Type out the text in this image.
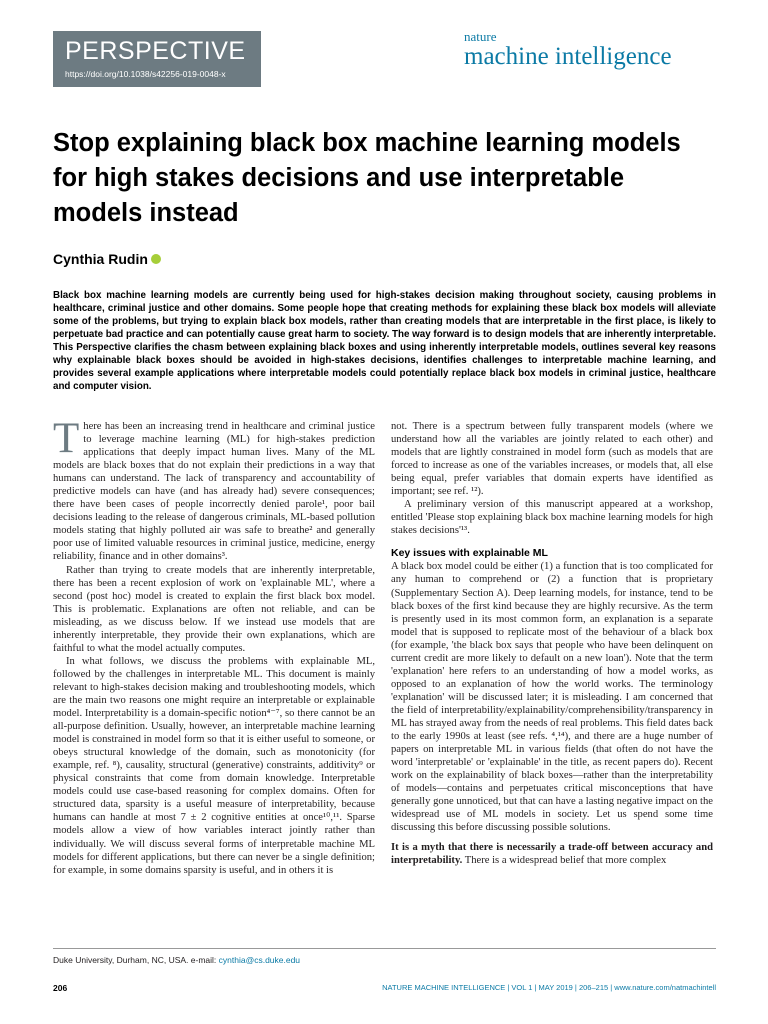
PERSPECTIVE
https://doi.org/10.1038/s42256-019-0048-x
nature
machine intelligence
Stop explaining black box machine learning models for high stakes decisions and use interpretable models instead
Cynthia Rudin
Black box machine learning models are currently being used for high-stakes decision making throughout society, causing problems in healthcare, criminal justice and other domains. Some people hope that creating methods for explaining these black box models will alleviate some of the problems, but trying to explain black box models, rather than creating models that are interpretable in the first place, is likely to perpetuate bad practice and can potentially cause great harm to society. The way forward is to design models that are inherently interpretable. This Perspective clarifies the chasm between explaining black boxes and using inherently interpretable models, outlines several key reasons why explainable black boxes should be avoided in high-stakes decisions, identifies challenges to interpretable machine learning, and provides several example applications where interpretable models could potentially replace black box models in criminal justice, healthcare and computer vision.

There has been an increasing trend in healthcare and criminal justice to leverage machine learning (ML) for high-stakes prediction applications that deeply impact human lives. Many of the ML models are black boxes that do not explain their predictions in a way that humans can understand. The lack of transparency and accountability of predictive models can have (and has already had) severe consequences; there have been cases of people incorrectly denied parole¹, poor bail decisions leading to the release of dangerous criminals, ML-based pollution models stating that highly polluted air was safe to breathe² and generally poor use of limited valuable resources in criminal justice, medicine, energy reliability, finance and in other domains³.

Rather than trying to create models that are inherently interpretable, there has been a recent explosion of work on 'explainable ML', where a second (post hoc) model is created to explain the first black box model. This is problematic. Explanations are often not reliable, and can be misleading, as we discuss below. If we instead use models that are inherently interpretable, they provide their own explanations, which are faithful to what the model actually computes.

In what follows, we discuss the problems with explainable ML, followed by the challenges in interpretable ML. This document is mainly relevant to high-stakes decision making and troubleshooting models, which are the main two reasons one might require an interpretable or explainable model. Interpretability is a domain-specific notion⁴⁻⁷, so there cannot be an all-purpose definition. Usually, however, an interpretable machine learning model is constrained in model form so that it is either useful to someone, or obeys structural knowledge of the domain, such as monotonicity (for example, ref. ⁸), causality, structural (generative) constraints, additivity⁹ or physical constraints that come from domain knowledge. Interpretable models could use case-based reasoning for complex domains. Often for structured data, sparsity is a useful measure of interpretability, because humans can handle at most 7 ± 2 cognitive entities at once¹⁰,¹¹. Sparse models allow a view of how variables interact jointly rather than individually. We will discuss several forms of interpretable machine ML models for different applications, but there can never be a single definition; for example, in some domains sparsity is useful, and in others it is

not. There is a spectrum between fully transparent models (where we understand how all the variables are jointly related to each other) and models that are lightly constrained in model form (such as models that are forced to increase as one of the variables increases, or models that, all else being equal, prefer variables that domain experts have identified as important; see ref. ¹²).

A preliminary version of this manuscript appeared at a workshop, entitled 'Please stop explaining black box machine learning models for high stakes decisions'¹³.

Key issues with explainable ML

A black box model could be either (1) a function that is too complicated for any human to comprehend or (2) a function that is proprietary (Supplementary Section A). Deep learning models, for instance, tend to be black boxes of the first kind because they are highly recursive. As the term is presently used in its most common form, an explanation is a separate model that is supposed to replicate most of the behaviour of a black box (for example, 'the black box says that people who have been delinquent on current credit are more likely to default on a new loan'). Note that the term 'explanation' here refers to an understanding of how a model works, as opposed to an explanation of how the world works. The terminology 'explanation' will be discussed later; it is misleading. I am concerned that the field of interpretability/explainability/comprehensibility/transparency in ML has strayed away from the needs of real problems. This field dates back to the early 1990s at least (see refs. ⁴,¹⁴), and there are a huge number of papers on interpretable ML in various fields (that often do not have the word 'interpretable' or 'explainable' in the title, as recent papers do). Recent work on the explainability of black boxes—rather than the interpretability of models—contains and perpetuates critical misconceptions that have generally gone unnoticed, but that can have a lasting negative impact on the widespread use of ML models in society. Let us spend some time discussing this before discussing possible solutions.

It is a myth that there is necessarily a trade-off between accuracy and interpretability. There is a widespread belief that more complex

Duke University, Durham, NC, USA. e-mail: cynthia@cs.duke.edu
206	NATURE MACHINE INTELLIGENCE | VOL 1 | MAY 2019 | 206–215 | www.nature.com/natmachintell
